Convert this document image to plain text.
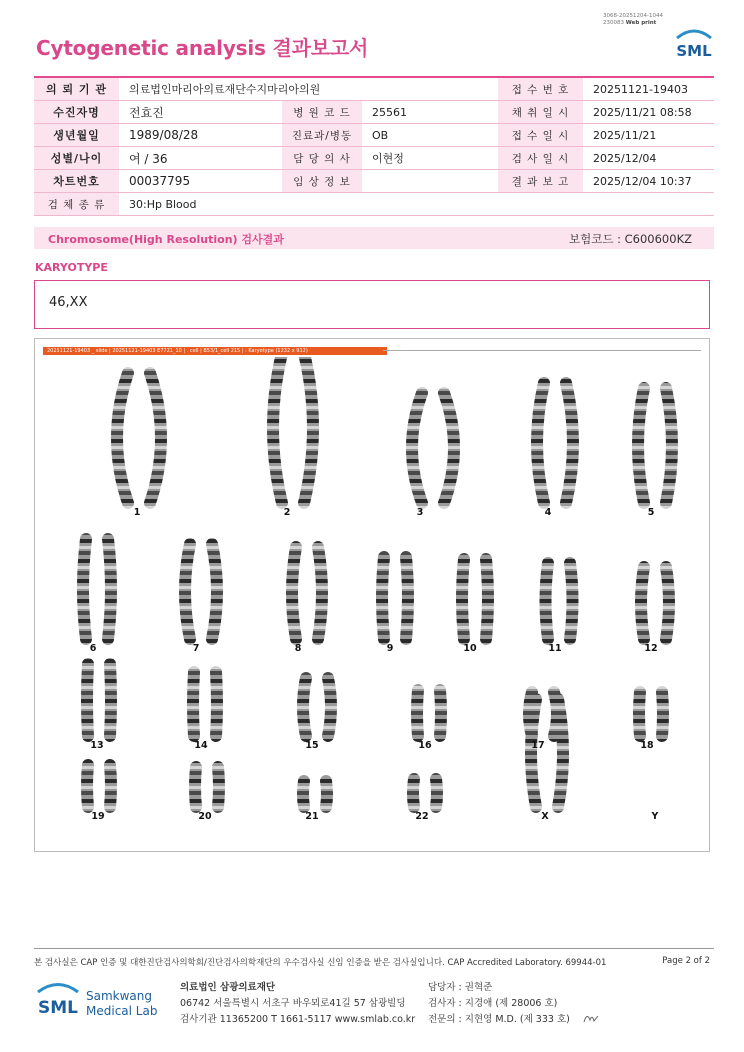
3068-20251204-1044
230083 Web print
Cytogenetic analysis 결과보고서	SML
의 뢰 기 관	의료법인마리아의료재단수지마리아의원			접 수 번 호	20251121-19403
수진자명	전효진	병 원 코 드	25561	채 취 일 시	2025/11/21 08:58
생년월일	1989/08/28	진료과/병동	OB	접 수 일 시	2025/11/21
성별/나이	여 / 36	담 당 의 사	이현정	검 사 일 시	2025/12/04
차트번호	00037795	임 상 정 보		결 과 보 고	2025/12/04 10:37
검 체 종 류	30:Hp Blood				
Chromosome(High Resolution) 검사결과	보험코드 : C600600KZ
KARYOTYPE
46,XX
20251121-19403 _ slide | 20251121-19403 E7721_10 | . cell | B53/1_cell 215 | : Karyotype (1232 x 912)
1	2	3	4	5
6	7	8	9	10	11	12
13	14	15	16	17	18
19	20	21	22	X	Y
본 검사실은 CAP 인증 및 대한진단검사의학회/진단검사의학재단의 우수검사실 신임 인증을 받은 검사실입니다. CAP Accredited Laboratory. 69944-01	Page 2 of 2
SML
Samkwang
Medical Lab
의료법인 삼광의료재단
06742 서울특별시 서초구 바우뫼로41길 57 삼광빌딩
검사기관 11365200 T 1661-5117 www.smlab.co.kr
담당자 : 권혁준
검사자 : 지경애 (제 28006 호)
전문의 : 지현영 M.D. (제 333 호)
